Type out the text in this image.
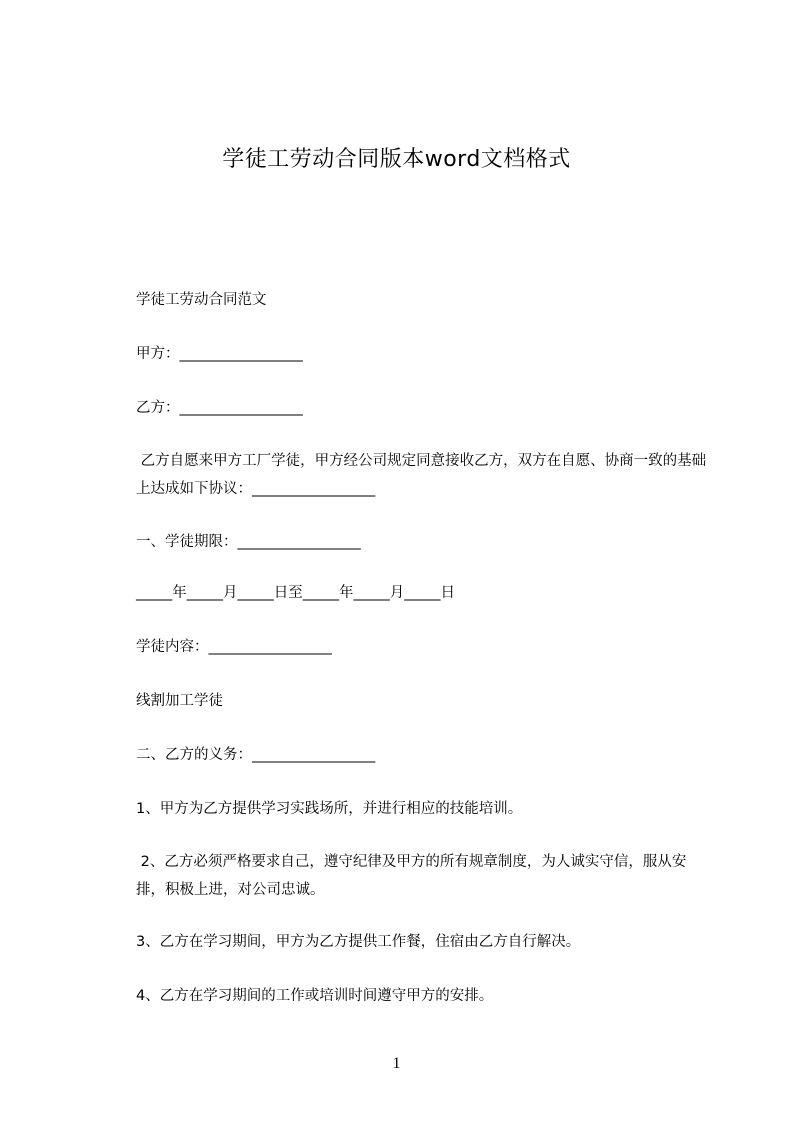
学徒工劳动合同版本word文档格式
学徒工劳动合同范文
甲方：_________________
乙方：_________________
乙方自愿来甲方工厂学徒，甲方经公司规定同意接收乙方，双方在自愿、协商一致的基础上达成如下协议：_________________
一、学徒期限：_________________
_____年_____月_____日至_____年_____月_____日
学徒内容：_________________
线割加工学徒
二、乙方的义务：_________________
1、甲方为乙方提供学习实践场所，并进行相应的技能培训。
2、乙方必须严格要求自己，遵守纪律及甲方的所有规章制度，为人诚实守信，服从安排，积极上进，对公司忠诚。
3、乙方在学习期间，甲方为乙方提供工作餐，住宿由乙方自行解决。
4、乙方在学习期间的工作或培训时间遵守甲方的安排。
1
